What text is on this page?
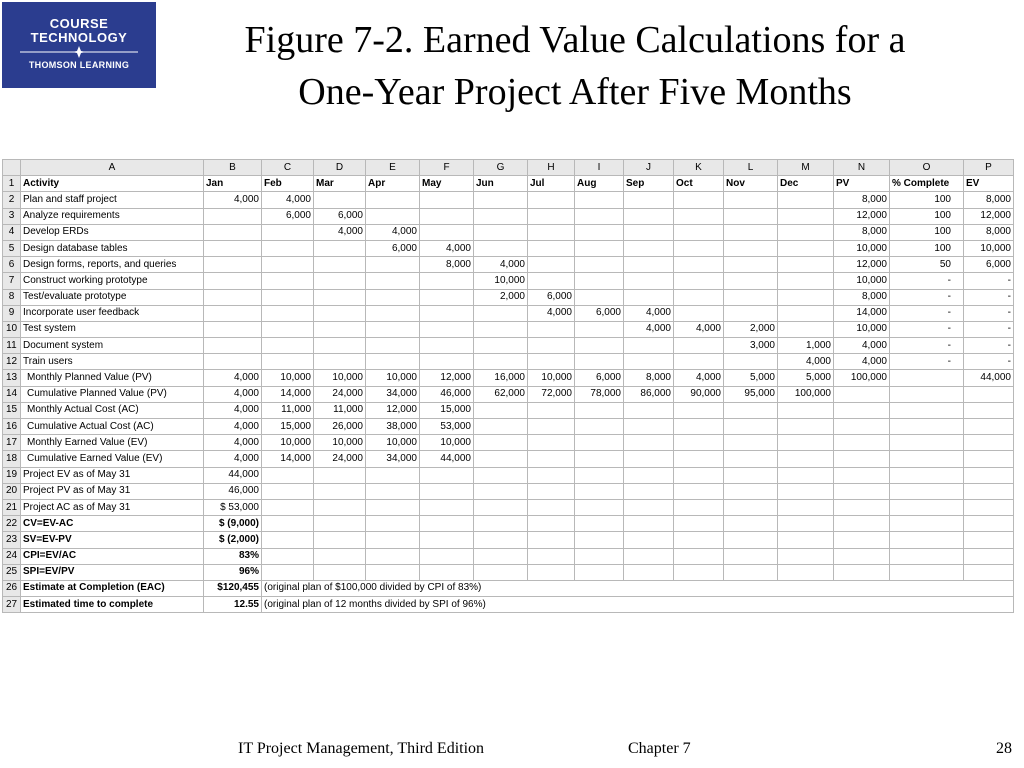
COURSE
TECHNOLOGY
THOMSON LEARNING
Figure 7-2. Earned Value Calculations for a
One-Year Project After Five Months
	A	B	C	D	E	F	G	H	I	J	K	L	M	N	O	P
1	Activity	Jan	Feb	Mar	Apr	May	Jun	Jul	Aug	Sep	Oct	Nov	Dec	PV	% Complete	EV
2	Plan and staff project	4,000	4,000											8,000	100	8,000
3	Analyze requirements		6,000	6,000										12,000	100	12,000
4	Develop ERDs			4,000	4,000									8,000	100	8,000
5	Design database tables				6,000	4,000								10,000	100	10,000
6	Design forms, reports, and queries					8,000	4,000							12,000	50	6,000
7	Construct working prototype						10,000							10,000	-	-
8	Test/evaluate prototype						2,000	6,000						8,000	-	-
9	Incorporate user feedback							4,000	6,000	4,000				14,000	-	-
10	Test system									4,000	4,000	2,000		10,000	-	-
11	Document system											3,000	1,000	4,000	-	-
12	Train users												4,000	4,000	-	-
13	Monthly Planned Value (PV)	4,000	10,000	10,000	10,000	12,000	16,000	10,000	6,000	8,000	4,000	5,000	5,000	100,000		44,000
14	Cumulative Planned Value (PV)	4,000	14,000	24,000	34,000	46,000	62,000	72,000	78,000	86,000	90,000	95,000	100,000			
15	Monthly Actual Cost (AC)	4,000	11,000	11,000	12,000	15,000										
16	Cumulative Actual Cost (AC)	4,000	15,000	26,000	38,000	53,000										
17	Monthly Earned Value (EV)	4,000	10,000	10,000	10,000	10,000										
18	Cumulative Earned Value (EV)	4,000	14,000	24,000	34,000	44,000										
19	Project EV as of May 31	44,000														
20	Project PV as of May 31	46,000														
21	Project AC as of May 31	$ 53,000														
22	CV=EV-AC	$ (9,000)														
23	SV=EV-PV	$ (2,000)														
24	CPI=EV/AC	83%														
25	SPI=EV/PV	96%														
26	Estimate at Completion (EAC)	$120,455	(original plan of $100,000 divided by CPI of 83%)													
27	Estimated time to complete	12.55	(original plan of 12 months divided by SPI of 96%)													
IT Project Management, Third Edition	Chapter 7	28
